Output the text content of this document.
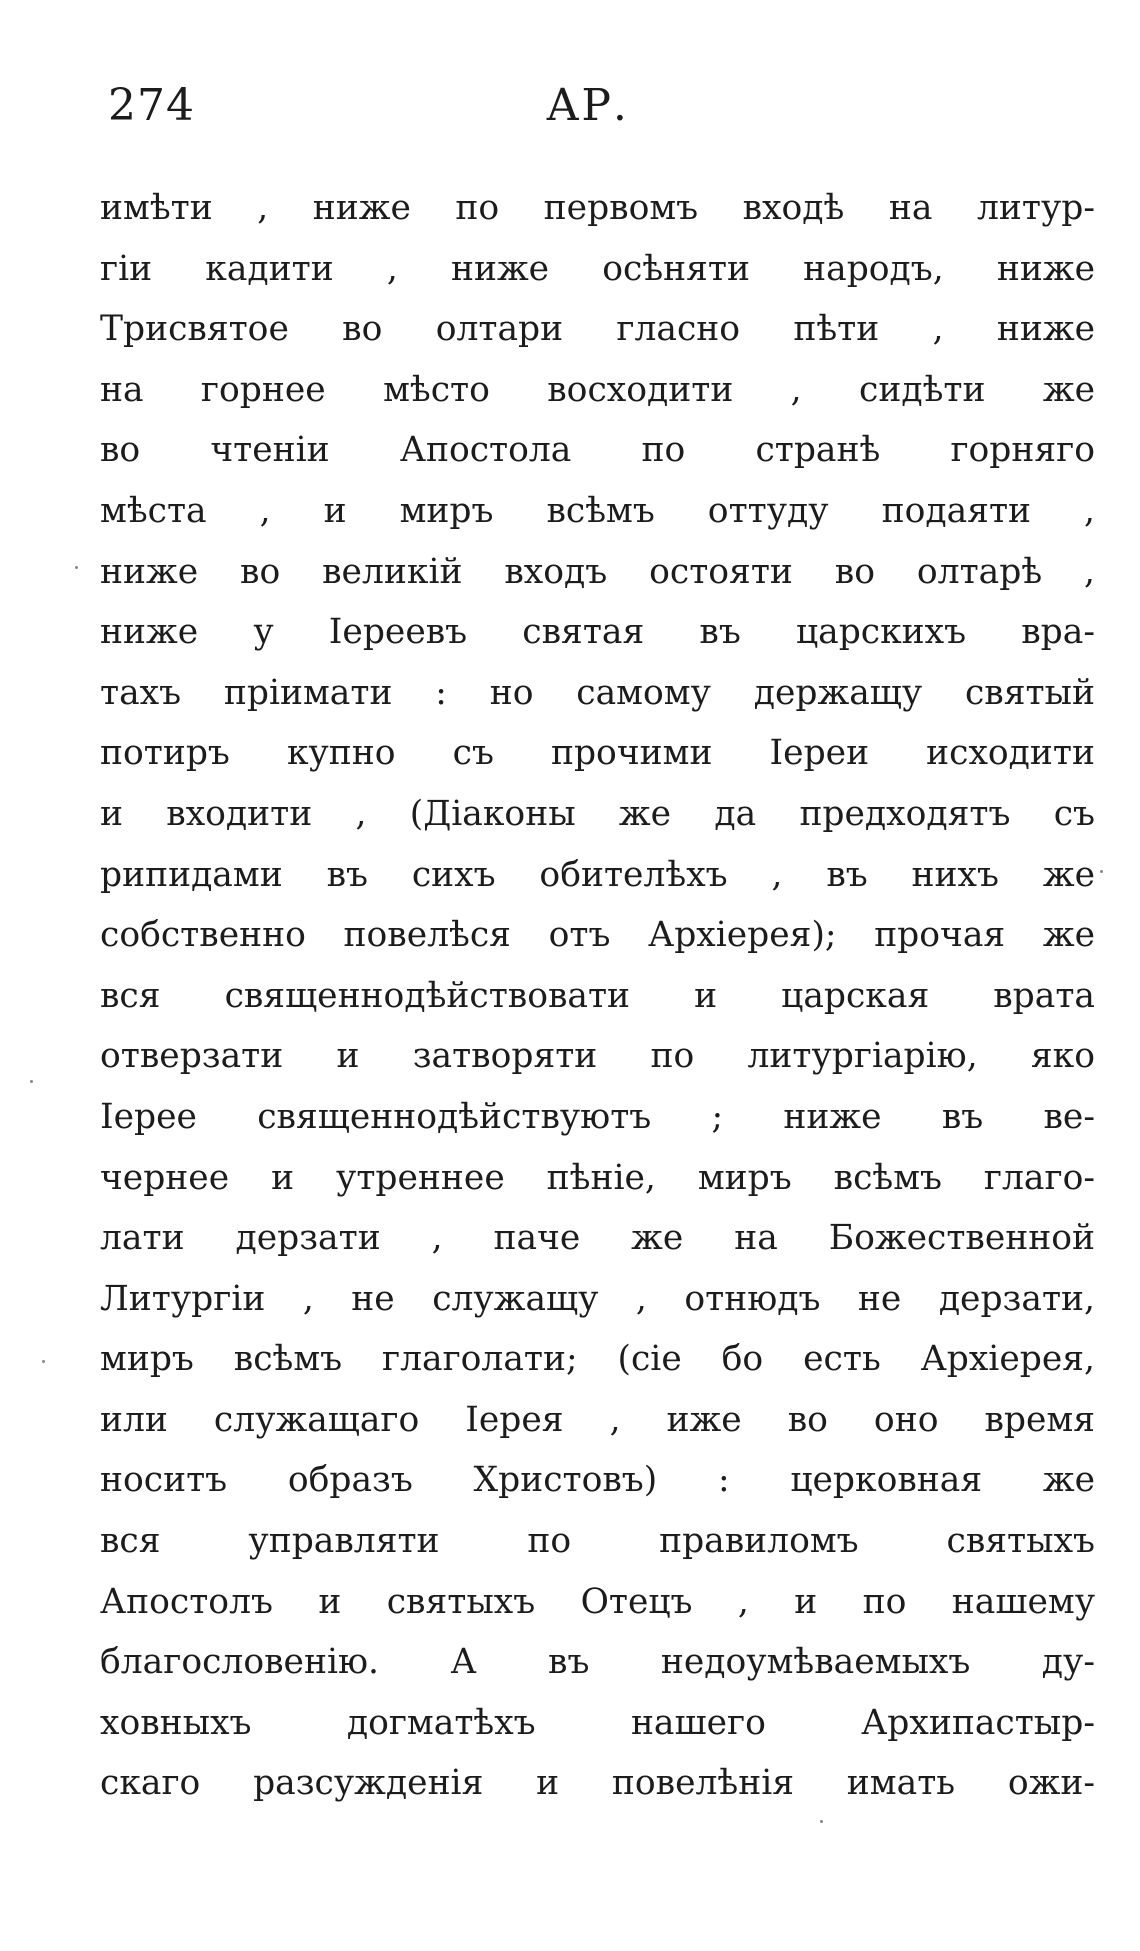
274	АР.
имѣти , ниже по первомъ входѣ на литур-
гіи кадити , ниже осѣняти народъ, ниже
Трисвятое во олтари гласно пѣти , ниже
на горнее мѣсто восходити , сидѣти же
во чтеніи Апостола по странѣ горняго
мѣста , и миръ всѣмъ оттуду подаяти ,
ниже во великій входъ остояти во олтарѣ ,
ниже у Іереевъ святая въ царскихъ вра-
тахъ пріимати : но самому держащу святый
потиръ купно съ прочими Іереи исходити
и входити , (Діаконы же да предходятъ съ
рипидами въ сихъ обителѣхъ , въ нихъ же
собственно повелѣся отъ Архіерея); прочая же
вся священнодѣйствовати и царская врата
отверзати и затворяти по литургіарію, яко
Іерее священнодѣйствуютъ ; ниже въ ве-
чернее и утреннее пѣніе, миръ всѣмъ глаго-
лати дерзати , паче же на Божественной
Литургіи , не служащу , отнюдъ не дерзати,
миръ всѣмъ глаголати; (сіе бо есть Архіерея,
или служащаго Іерея , иже во оно время
носитъ образъ Христовъ) : церковная же
вся управляти по правиломъ святыхъ
Апостолъ и святыхъ Отецъ , и по нашему
благословенію. А въ недоумѣваемыхъ ду-
ховныхъ догматѣхъ нашего Архипастыр-
скаго разсужденія и повелѣнія имать ожи-
